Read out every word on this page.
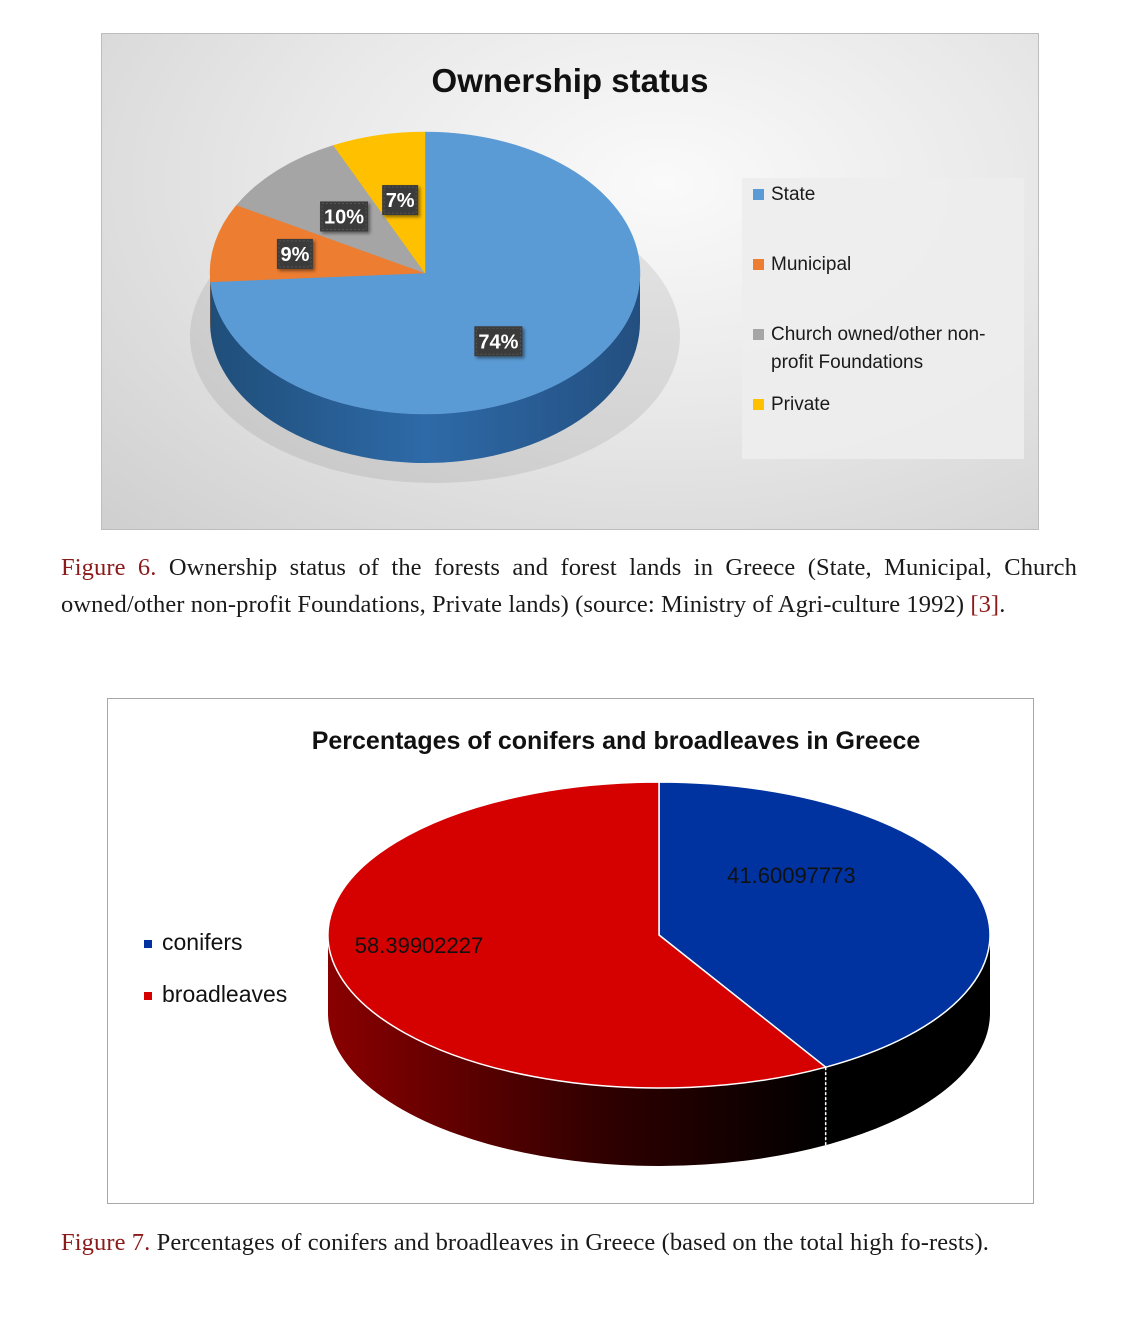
Ownership status
74%
9%
10%
7%	State
Municipal
Church owned/other non-
profit Foundations
Private

Figure 6. Ownership status of the forests and forest lands in Greece (State, Municipal, Church owned/other non-profit Foundations, Private lands) (source: Ministry of Agri-culture 1992) [3].

Percentages of conifers and broadleaves in Greece
41.60097773
58.39902227
conifers
broadleaves

Figure 7. Percentages of conifers and broadleaves in Greece (based on the total high fo-rests).
